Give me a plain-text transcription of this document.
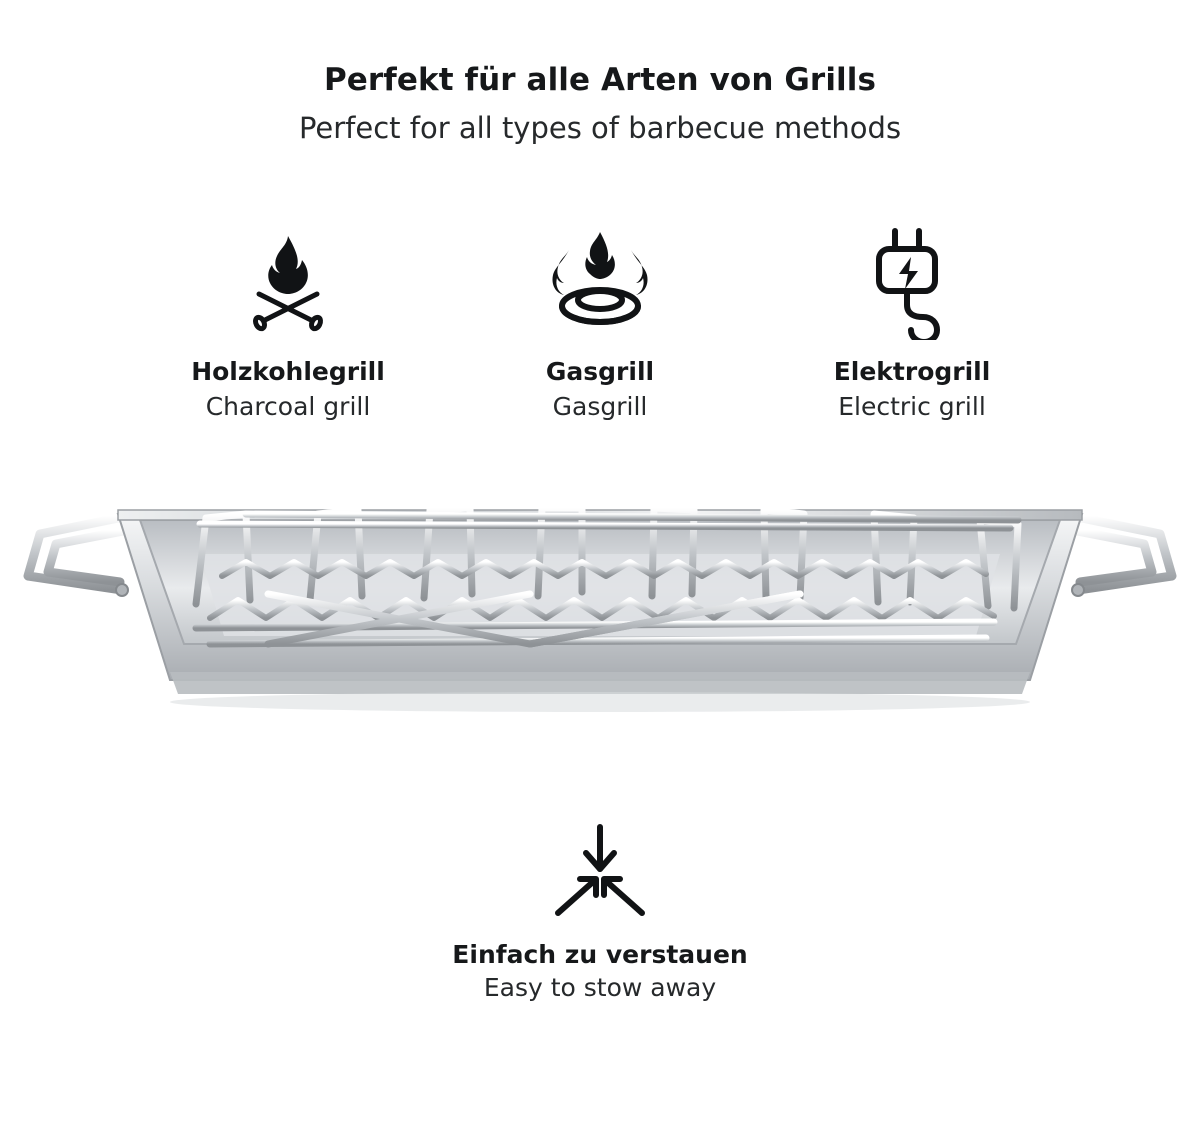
Perfekt für alle Arten von Grills
Perfect for all types of barbecue methods
Holzkohlegrill
Charcoal grill
Gasgrill
Gasgrill
Elektrogrill
Electric grill
Einfach zu verstauen
Easy to stow away
